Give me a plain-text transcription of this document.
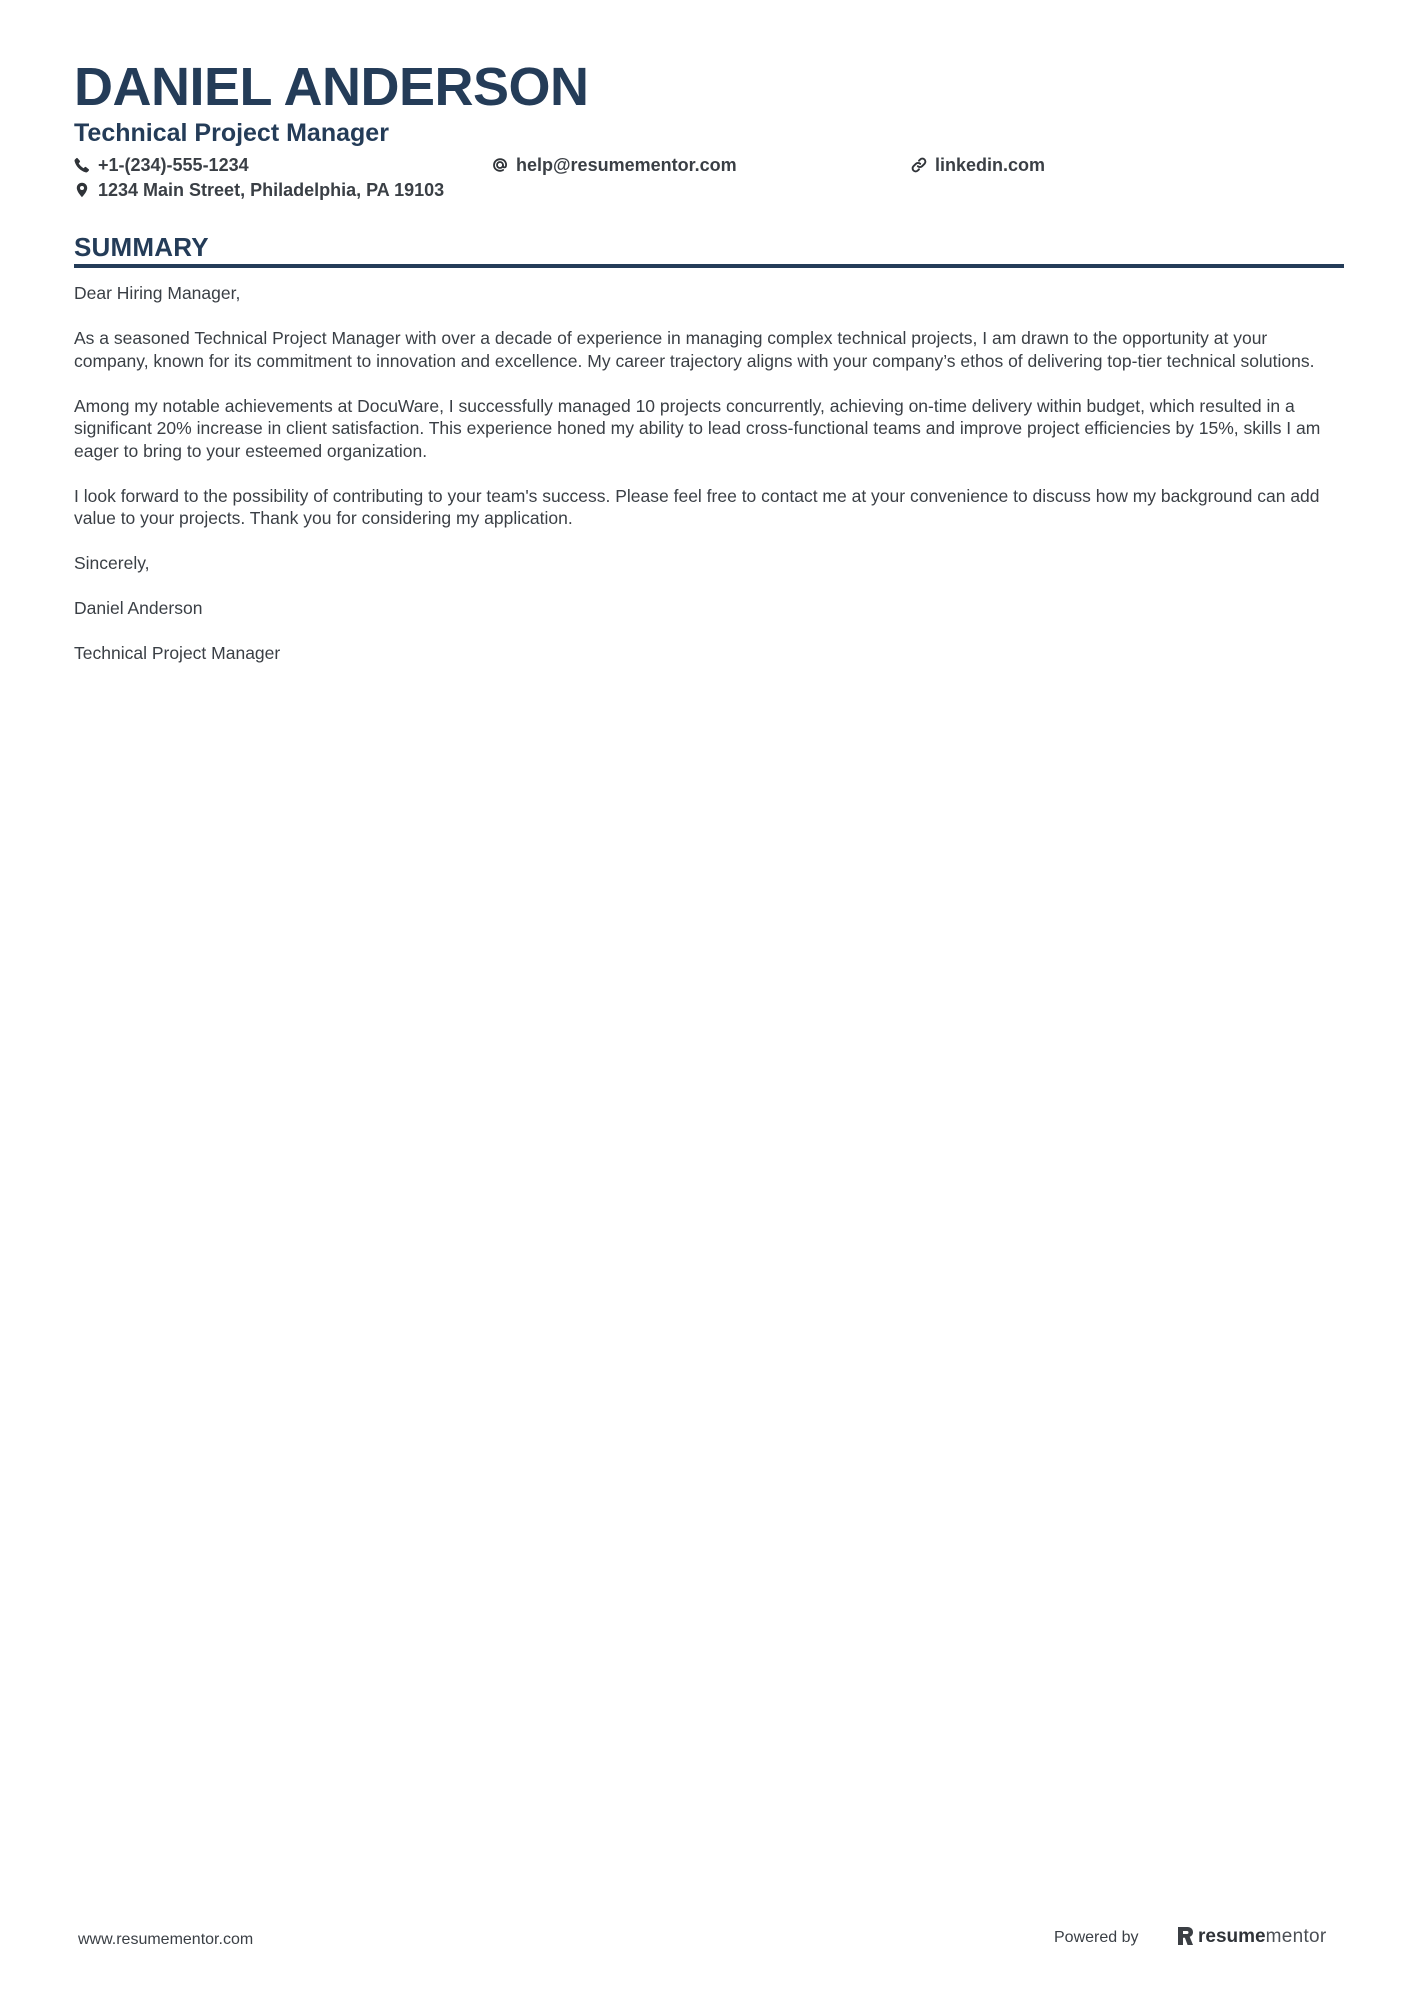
DANIEL ANDERSON
Technical Project Manager
+1-(234)-555-1234	help@resumementor.com	linkedin.com
1234 Main Street, Philadelphia, PA 19103
SUMMARY

Dear Hiring Manager,

As a seasoned Technical Project Manager with over a decade of experience in managing complex technical projects, I am drawn to the opportunity at your company, known for its commitment to innovation and excellence. My career trajectory aligns with your company’s ethos of delivering top-tier technical solutions.

Among my notable achievements at DocuWare, I successfully managed 10 projects concurrently, achieving on-time delivery within budget, which resulted in a significant 20% increase in client satisfaction. This experience honed my ability to lead cross-functional teams and improve project efficiencies by 15%, skills I am eager to bring to your esteemed organization.

I look forward to the possibility of contributing to your team's success. Please feel free to contact me at your convenience to discuss how my background can add value to your projects. Thank you for considering my application.

Sincerely,

Daniel Anderson

Technical Project Manager

www.resumementor.com	Powered by	resumementor
